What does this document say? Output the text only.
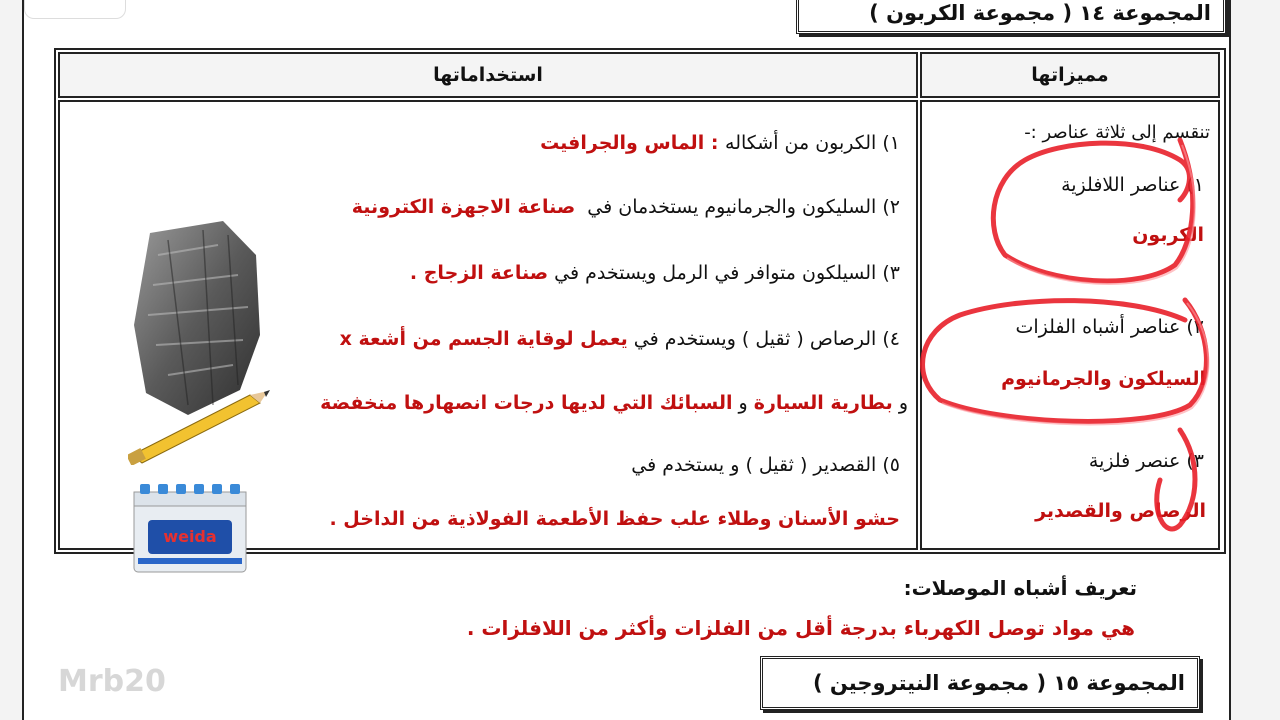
المجموعة ١٤ ( مجموعة الكربون )
استخداماتها	مميزاتها
weida
١) الكربون من أشكاله : الماس والجرافيت
٢) السليكون والجرمانيوم يستخدمان في  صناعة الاجهزة الكترونية
٣) السيلكون متوافر في الرمل ويستخدم في صناعة الزجاج .
٤) الرصاص ( ثقيل ) ويستخدم في يعمل لوقاية الجسم من أشعة x
و بطارية السيارة و السبائك التي لديها درجات انصهارها منخفضة
٥) القصدير ( ثقيل ) و يستخدم في
حشو الأسنان وطلاء علب حفظ الأطعمة الفولاذية من الداخل .
تنقسم إلى ثلاثة عناصر :-
١) عناصر اللافلزية
الكربون
٢) عناصر أشباه الفلزات
السيلكون والجرمانيوم
٣) عنصر فلزية
الرصاص والقصدير
تعريف أشباه الموصلات:
هي مواد توصل الكهرباء بدرجة أقل من الفلزات وأكثر من اللافلزات .
المجموعة ١٥ ( مجموعة النيتروجين )
Mrb20
